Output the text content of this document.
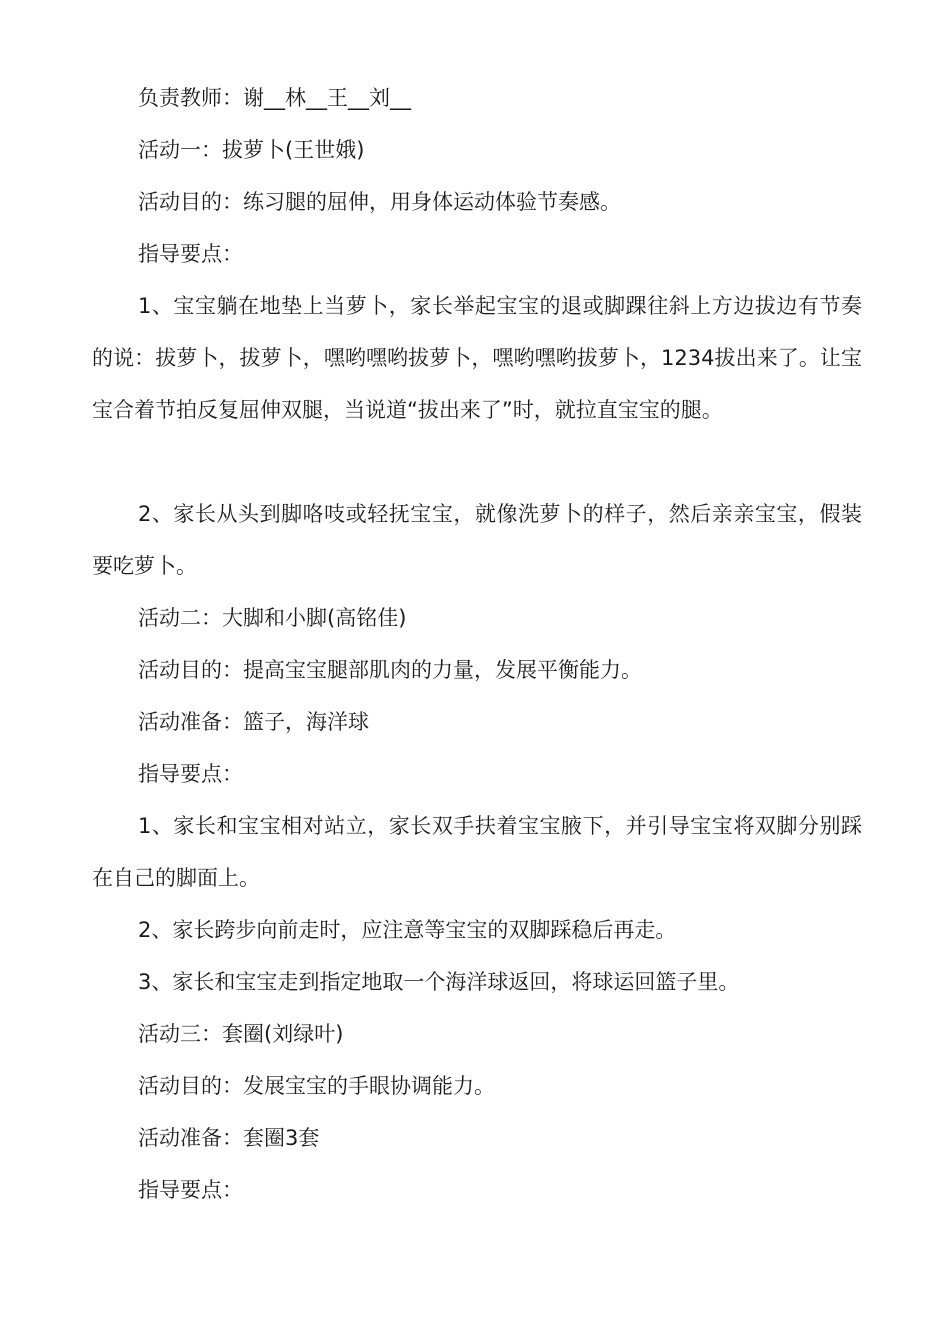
负责教师：谢__林__王__刘__

活动一：拔萝卜(王世娥)

活动目的：练习腿的屈伸，用身体运动体验节奏感。

指导要点：

1、宝宝躺在地垫上当萝卜，家长举起宝宝的退或脚踝往斜上方边拔边有节奏的说：拔萝卜，拔萝卜，嘿哟嘿哟拔萝卜，嘿哟嘿哟拔萝卜，1234拔出来了。让宝宝合着节拍反复屈伸双腿，当说道“拔出来了”时，就拉直宝宝的腿。

2、家长从头到脚咯吱或轻抚宝宝，就像洗萝卜的样子，然后亲亲宝宝，假装要吃萝卜。

活动二：大脚和小脚(高铭佳)

活动目的：提高宝宝腿部肌肉的力量，发展平衡能力。

活动准备：篮子，海洋球

指导要点：

1、家长和宝宝相对站立，家长双手扶着宝宝腋下，并引导宝宝将双脚分别踩在自己的脚面上。

2、家长跨步向前走时，应注意等宝宝的双脚踩稳后再走。

3、家长和宝宝走到指定地取一个海洋球返回，将球运回篮子里。

活动三：套圈(刘绿叶)

活动目的：发展宝宝的手眼协调能力。

活动准备：套圈3套

指导要点：
